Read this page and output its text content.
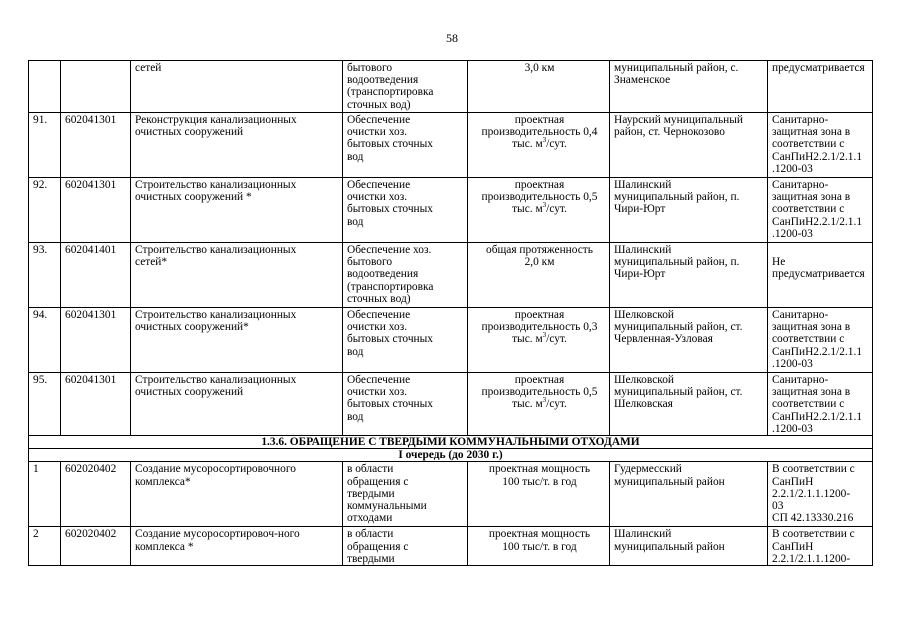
58
		сетей	бытового
водоотведения
(транспортировка
сточных вод)	3,0 км	муниципальный район, с.
Знаменское	предусматривается
91.	602041301	Реконструкция канализационных
очистных сооружений	Обеспечение
очистки хоз.
бытовых сточных
вод	проектная
производительность 0,4
тыс. $м^3$/сут.	Наурский муниципальный
район, ст. Чернокозово	Санитарно-
защитная зона в
соответствии с
СанПиН2.2.1/2.1.1
.1200-03
92.	602041301	Строительство канализационных
очистных сооружений *	Обеспечение
очистки хоз.
бытовых сточных
вод	проектная
производительность 0,5
тыс. $м^3$/сут.	Шалинский
муниципальный район, п.
Чири-Юрт	Санитарно-
защитная зона в
соответствии с
СанПиН2.2.1/2.1.1
.1200-03
93.	602041401	Строительство канализационных
сетей*	Обеспечение хоз.
бытового
водоотведения
(транспортировка
сточных вод)	общая протяженность
2,0 км	Шалинский
муниципальный район, п.
Чири-Юрт	
Не
предусматривается
94.	602041301	Строительство канализационных
очистных сооружений*	Обеспечение
очистки хоз.
бытовых сточных
вод	проектная
производительность 0,3
тыс. $м^3$/сут.	Шелковской
муниципальный район, ст.
Червленная-Узловая	Санитарно-
защитная зона в
соответствии с
СанПиН2.2.1/2.1.1
.1200-03
95.	602041301	Строительство канализационных
очистных сооружений	Обеспечение
очистки хоз.
бытовых сточных
вод	проектная
производительность 0,5
тыс. $м^3$/сут.	Шелковской
муниципальный район, ст.
Шелковская	Санитарно-
защитная зона в
соответствии с
СанПиН2.2.1/2.1.1
.1200-03
1.3.6. ОБРАЩЕНИЕ С ТВЕРДЫМИ КОММУНАЛЬНЫМИ ОТХОДАМИ						
I очередь (до 2030 г.)						
1	602020402	Создание мусоросортировочного
комплекса*	в области
обращения с
твердыми
коммунальными
отходами	проектная мощность
100 тыс/т. в год	Гудермесский
муниципальный район	В соответствии с
СанПиН
2.2.1/2.1.1.1200-
03
СП 42.13330.216
2	602020402	Создание мусоросортировоч-ного
комплекса *	в области
обращения с
твердыми	проектная мощность
100 тыс/т. в год	Шалинский
муниципальный район	В соответствии с
СанПиН
2.2.1/2.1.1.1200-
